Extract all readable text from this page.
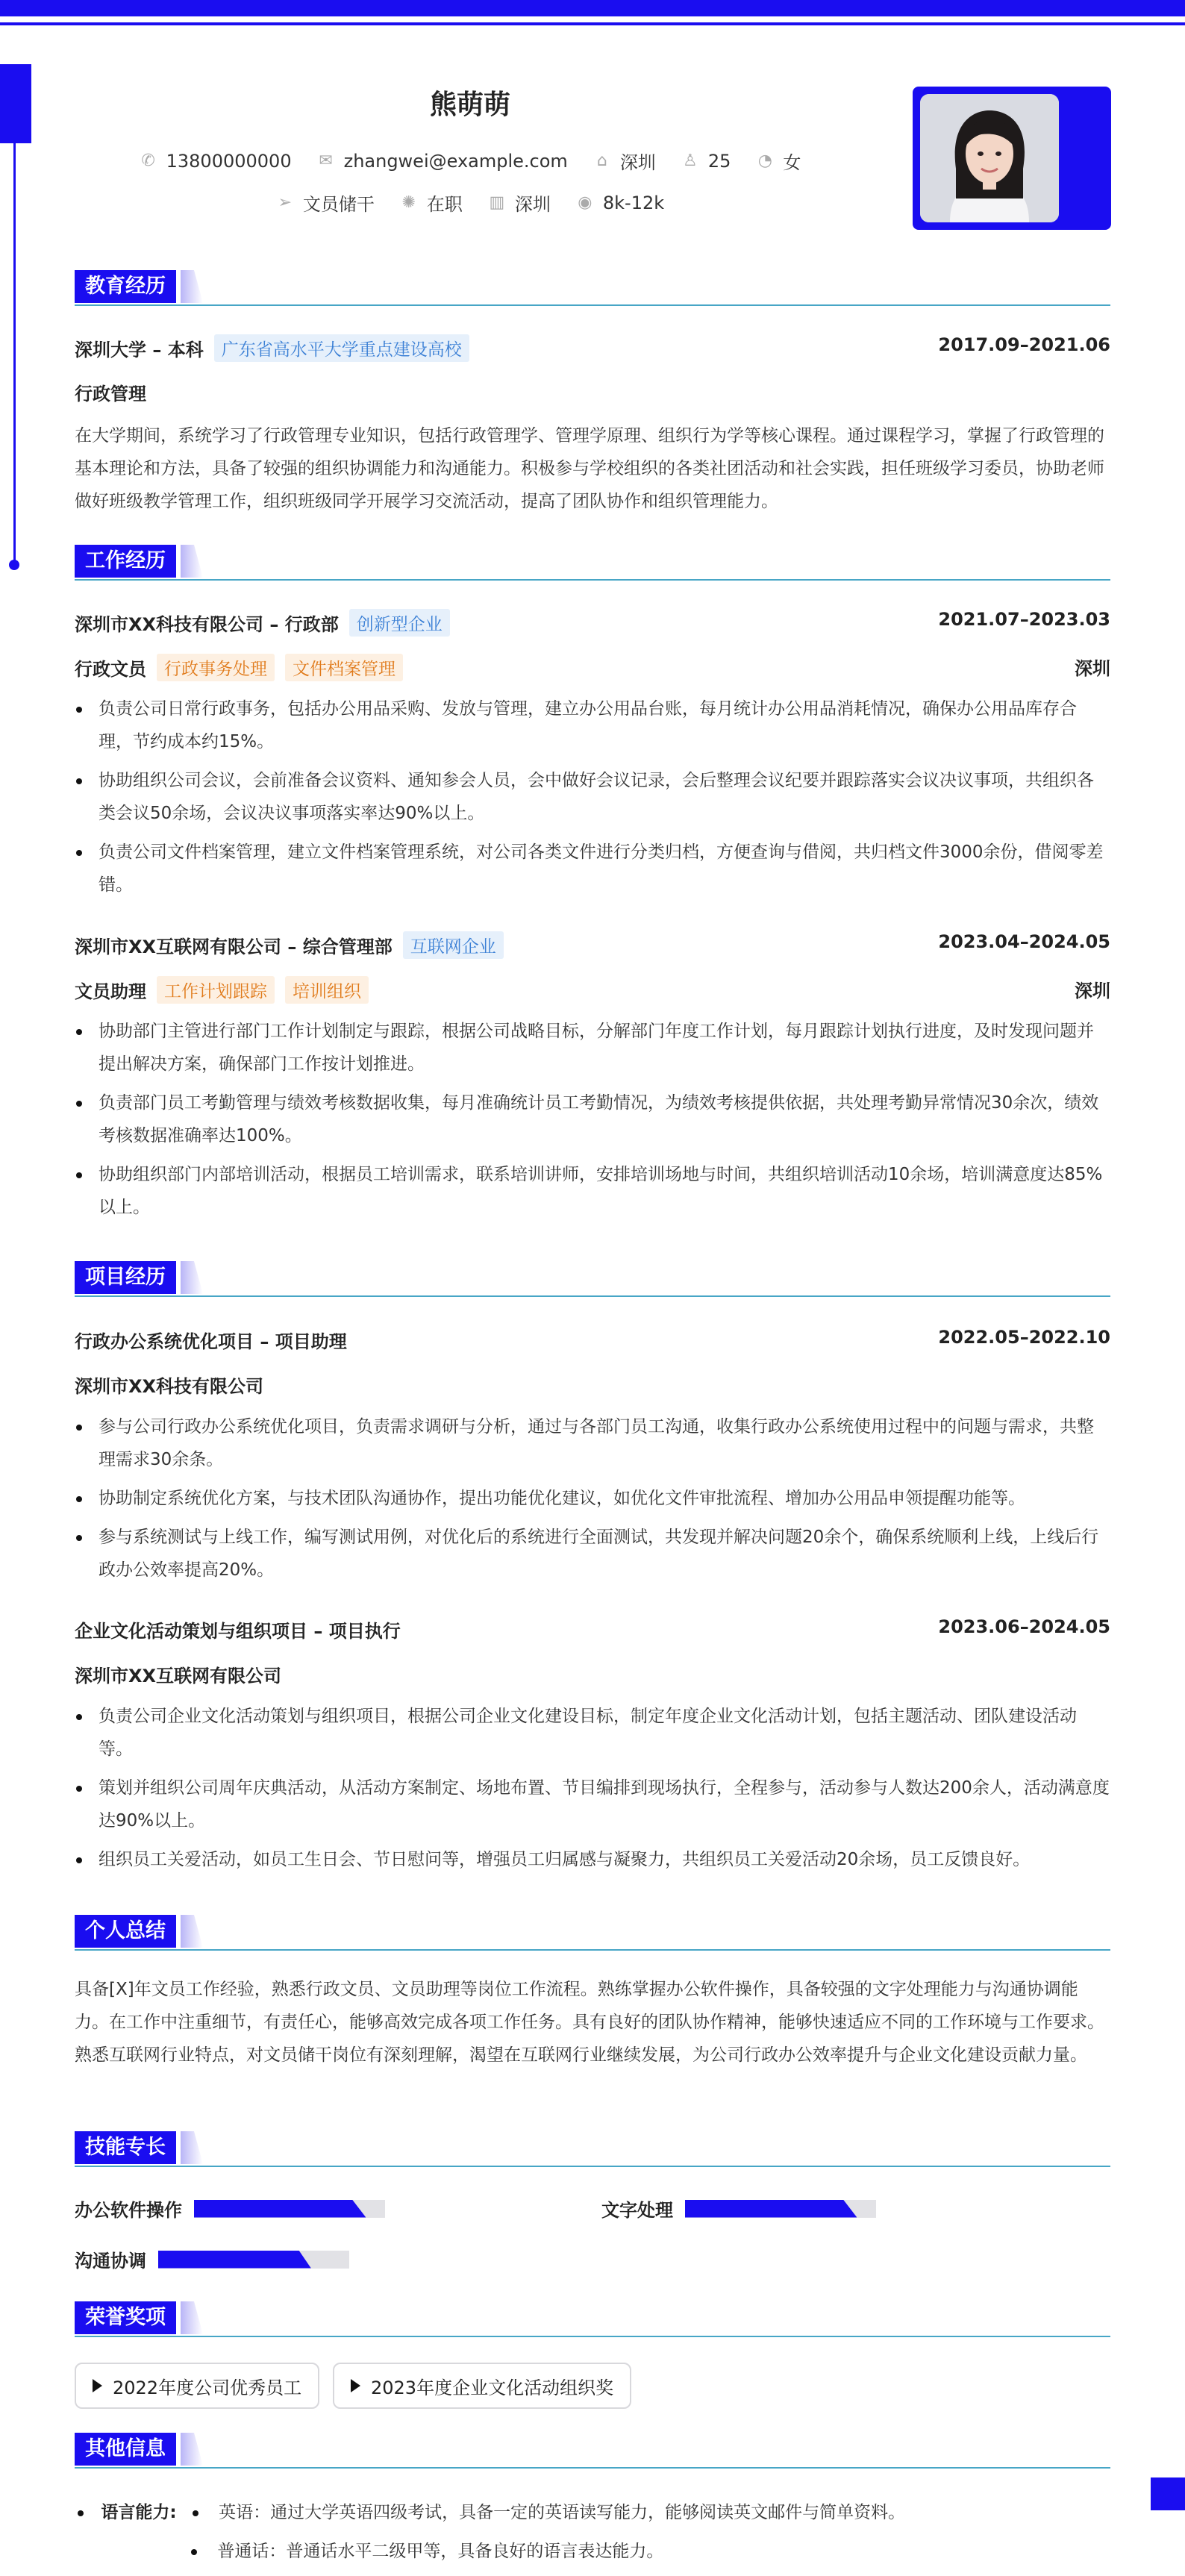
熊萌萌
✆ 13800000000 ✉ zhangwei@example.com ⌂ 深圳 ♙ 25 ◔ 女
➢ 文员储干 ✺ 在职 ▥ 深圳 ◉ 8k-12k
教育经历
深圳大学 – 本科	广东省高水平大学重点建设高校	2017.09–2021.06
行政管理
在大学期间，系统学习了行政管理专业知识，包括行政管理学、管理学原理、组织行为学等核心课程。通过课程学习，掌握了行政管理的基本理论和方法，具备了较强的组织协调能力和沟通能力。积极参与学校组织的各类社团活动和社会实践，担任班级学习委员，协助老师做好班级教学管理工作，组织班级同学开展学习交流活动，提高了团队协作和组织管理能力。
工作经历
深圳市XX科技有限公司 – 行政部	创新型企业	2021.07–2023.03
行政文员	行政事务处理	文件档案管理	深圳
负责公司日常行政事务，包括办公用品采购、发放与管理，建立办公用品台账，每月统计办公用品消耗情况，确保办公用品库存合理，节约成本约15%。
协助组织公司会议，会前准备会议资料、通知参会人员，会中做好会议记录，会后整理会议纪要并跟踪落实会议决议事项，共组织各类会议50余场，会议决议事项落实率达90%以上。
负责公司文件档案管理，建立文件档案管理系统，对公司各类文件进行分类归档，方便查询与借阅，共归档文件3000余份，借阅零差错。
深圳市XX互联网有限公司 – 综合管理部	互联网企业	2023.04–2024.05
文员助理	工作计划跟踪	培训组织	深圳
协助部门主管进行部门工作计划制定与跟踪，根据公司战略目标，分解部门年度工作计划，每月跟踪计划执行进度，及时发现问题并提出解决方案，确保部门工作按计划推进。
负责部门员工考勤管理与绩效考核数据收集，每月准确统计员工考勤情况，为绩效考核提供依据，共处理考勤异常情况30余次，绩效考核数据准确率达100%。
协助组织部门内部培训活动，根据员工培训需求，联系培训讲师，安排培训场地与时间，共组织培训活动10余场，培训满意度达85%以上。
项目经历
行政办公系统优化项目 – 项目助理	2022.05–2022.10
深圳市XX科技有限公司
参与公司行政办公系统优化项目，负责需求调研与分析，通过与各部门员工沟通，收集行政办公系统使用过程中的问题与需求，共整理需求30余条。
协助制定系统优化方案，与技术团队沟通协作，提出功能优化建议，如优化文件审批流程、增加办公用品申领提醒功能等。
参与系统测试与上线工作，编写测试用例，对优化后的系统进行全面测试，共发现并解决问题20余个，确保系统顺利上线，上线后行政办公效率提高20%。
企业文化活动策划与组织项目 – 项目执行	2023.06–2024.05
深圳市XX互联网有限公司
负责公司企业文化活动策划与组织项目，根据公司企业文化建设目标，制定年度企业文化活动计划，包括主题活动、团队建设活动等。
策划并组织公司周年庆典活动，从活动方案制定、场地布置、节目编排到现场执行，全程参与，活动参与人数达200余人，活动满意度达90%以上。
组织员工关爱活动，如员工生日会、节日慰问等，增强员工归属感与凝聚力，共组织员工关爱活动20余场，员工反馈良好。
个人总结
具备[X]年文员工作经验，熟悉行政文员、文员助理等岗位工作流程。熟练掌握办公软件操作，具备较强的文字处理能力与沟通协调能力。在工作中注重细节，有责任心，能够高效完成各项工作任务。具有良好的团队协作精神，能够快速适应不同的工作环境与工作要求。熟悉互联网行业特点，对文员储干岗位有深刻理解，渴望在互联网行业继续发展，为公司行政办公效率提升与企业文化建设贡献力量。
技能专长
办公软件操作	文字处理
沟通协调
荣誉奖项
2022年度公司优秀员工	2023年度企业文化活动组织奖
其他信息
语言能力: 英语：通过大学英语四级考试，具备一定的英语读写能力，能够阅读英文邮件与简单资料。
普通话：普通话水平二级甲等，具备良好的语言表达能力。
